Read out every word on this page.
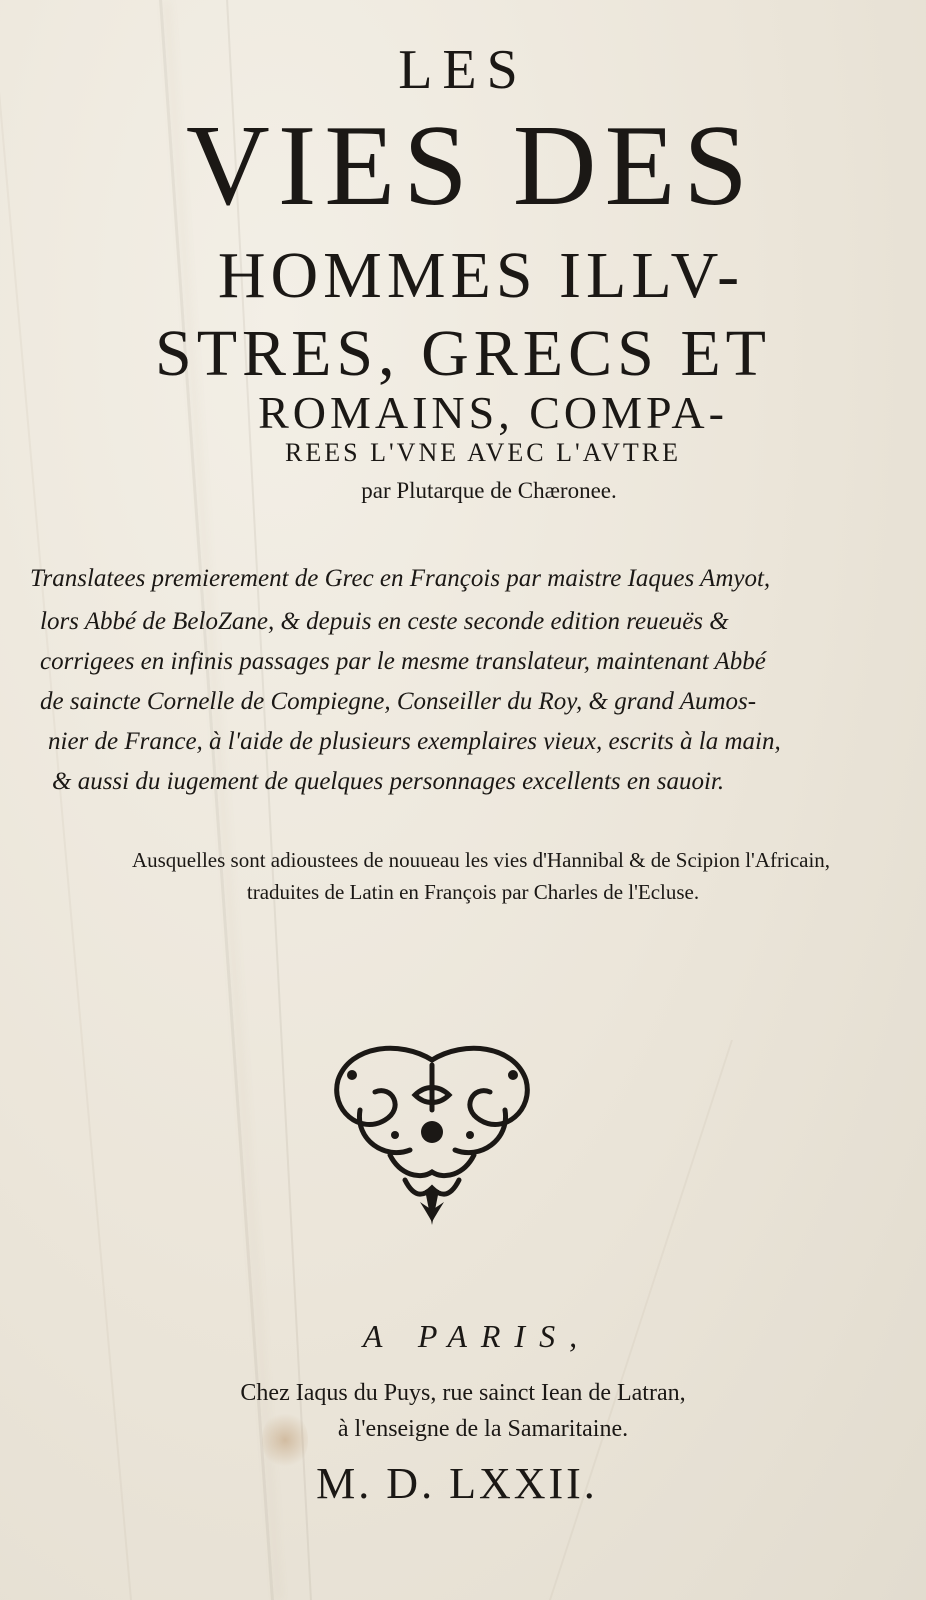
LES
VIES DES
HOMMES ILLV-
STRES, GRECS ET
ROMAINS, COMPA-
REES L'VNE AVEC L'AVTRE
par Plutarque de Chæronee.
Translatees premierement de Grec en François par maistre Iaques Amyot,
lors Abbé de BeloZane, & depuis en ceste seconde edition reueuës &
corrigees en infinis passages par le mesme translateur, maintenant Abbé
de saincte Cornelle de Compiegne, Conseiller du Roy, & grand Aumos-
nier de France, à l'aide de plusieurs exemplaires vieux, escrits à la main,
& aussi du iugement de quelques personnages excellents en sauoir.
Ausquelles sont adioustees de nouueau les vies d'Hannibal & de Scipion l'Africain,
traduites de Latin en François par Charles de l'Ecluse.
A PARIS,
Chez Iaqus du Puys, rue sainct Iean de Latran,
à l'enseigne de la Samaritaine.
M. D. LXXII.
